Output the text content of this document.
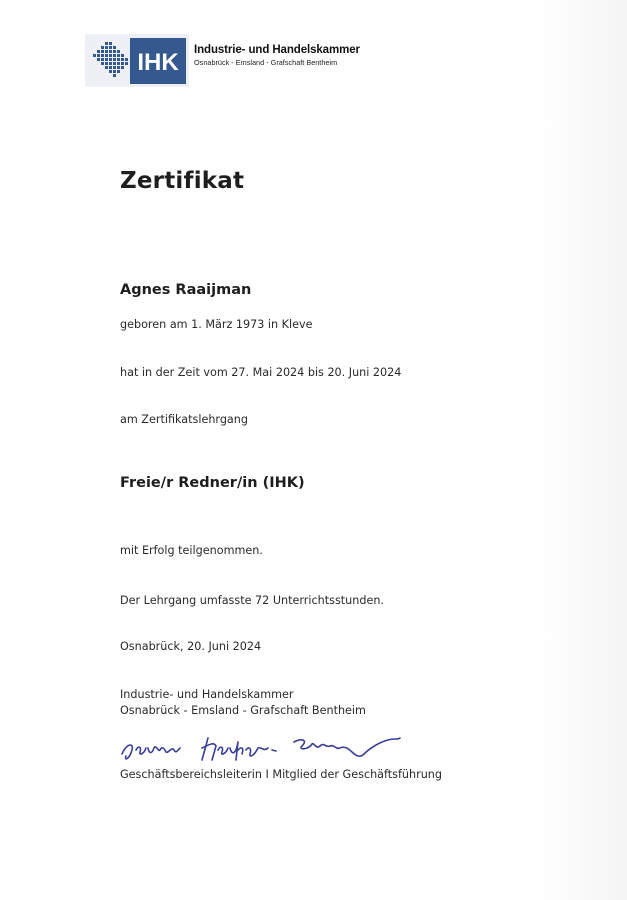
IHK Industrie- und Handelskammer
Osnabrück - Emsland - Grafschaft Bentheim
Zertifikat
Agnes Raaijman
geboren am 1. März 1973 in Kleve
hat in der Zeit vom 27. Mai 2024 bis 20. Juni 2024
am Zertifikatslehrgang
Freie/r Redner/in (IHK)
mit Erfolg teilgenommen.
Der Lehrgang umfasste 72 Unterrichtsstunden.
Osnabrück, 20. Juni 2024
Industrie- und Handelskammer
Osnabrück - Emsland - Grafschaft Bentheim
Geschäftsbereichsleiterin I Mitglied der Geschäftsführung
